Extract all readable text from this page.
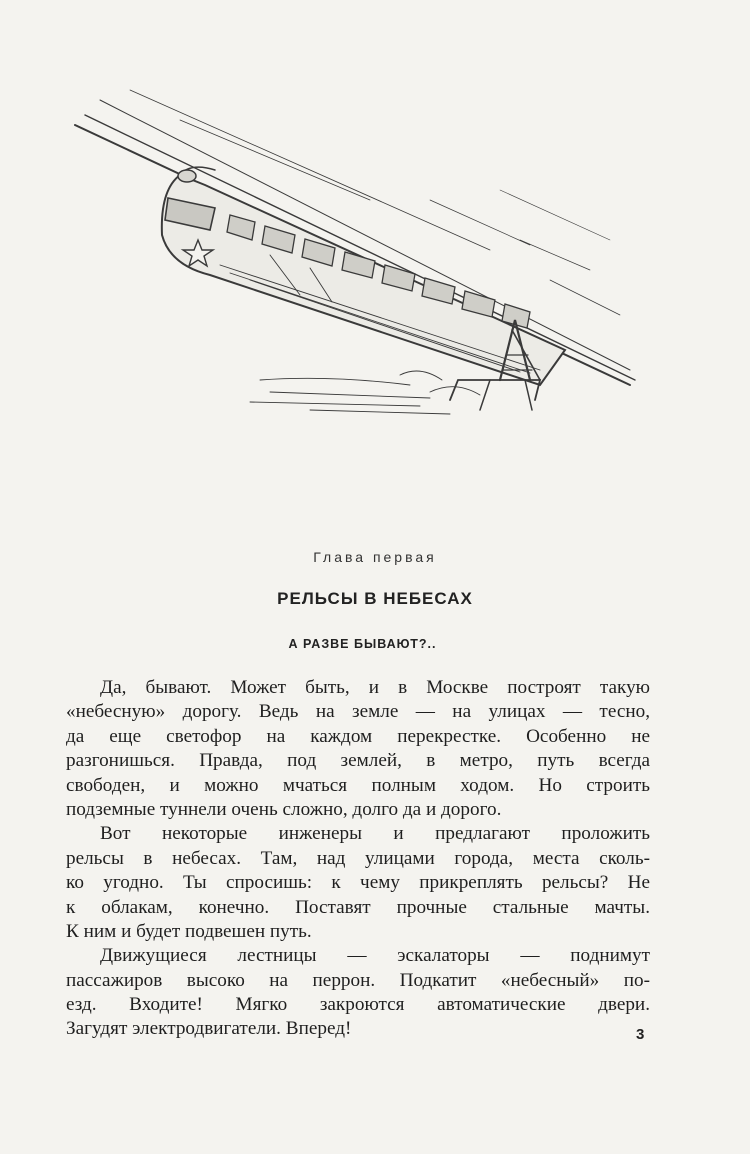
Глава первая
РЕЛЬСЫ В НЕБЕСАХ
А РАЗВЕ БЫВАЮТ?..
Да, бывают. Может быть, и в Москве построят такую
«небесную» дорогу. Ведь на земле — на улицах — тесно,
да еще светофор на каждом перекрестке. Особенно не
разгонишься. Правда, под землей, в метро, путь всегда
свободен, и можно мчаться полным ходом. Но строить
подземные туннели очень сложно, долго да и дорого.
Вот некоторые инженеры и предлагают проложить
рельсы в небесах. Там, над улицами города, места сколь-
ко угодно. Ты спросишь: к чему прикреплять рельсы? Не
к облакам, конечно. Поставят прочные стальные мачты.
К ним и будет подвешен путь.
Движущиеся лестницы — эскалаторы — поднимут
пассажиров высоко на перрон. Подкатит «небесный» по-
езд. Входите! Мягко закроются автоматические двери.
Загудят электродвигатели. Вперед!	3
